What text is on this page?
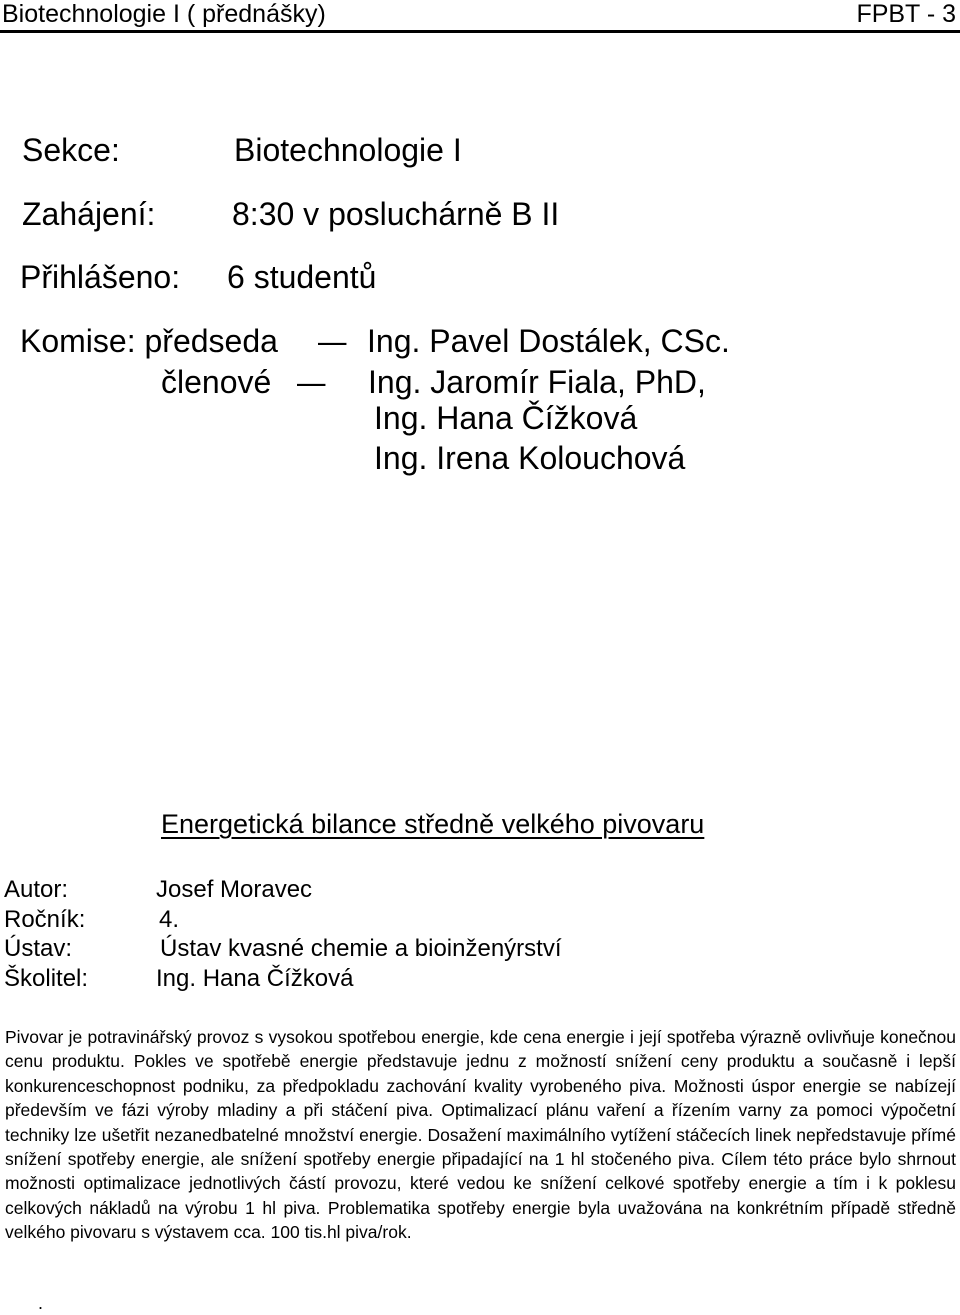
Biotechnologie I ( přednášky)	FPBT - 3
Sekce:	Biotechnologie I
Zahájení: 8:30 v posluchárně B II
Přihlášeno: 6 studentů
Komise: předseda – Ing. Pavel Dostálek, CSc.
členové – Ing. Jaromír Fiala, PhD,
Ing. Hana Čížková
Ing. Irena Kolouchová
Energetická bilance středně velkého pivovaru
Autor:	Josef Moravec
Ročník:	4.
Ústav:	Ústav kvasné chemie a bioinženýrství
Školitel:	Ing. Hana Čížková

Pivovar je potravinářský provoz s vysokou spotřebou energie, kde cena energie i její spotřeba výrazně ovlivňuje konečnou cenu produktu. Pokles ve spotřebě energie představuje jednu z možností snížení ceny produktu a současně i lepší konkurenceschopnost podniku, za předpokladu zachování kvality vyrobeného piva. Možnosti úspor energie se nabízejí především ve fázi výroby mladiny a při stáčení piva. Optimalizací plánu vaření a řízením varny za pomoci výpočetní techniky lze ušetřit nezanedbatelné množství energie. Dosažení maximálního vytížení stáčecích linek nepředstavuje přímé snížení spotřeby energie, ale snížení spotřeby energie připadající na 1 hl stočeného piva. Cílem této práce bylo shrnout možnosti optimalizace jednotlivých částí provozu, které vedou ke snížení celkové spotřeby energie a tím i k poklesu celkových nákladů na výrobu 1 hl piva. Problematika spotřeby energie byla uvažována na konkrétním případě středně velkého pivovaru s výstavem cca. 100 tis.hl piva/rok.

.
